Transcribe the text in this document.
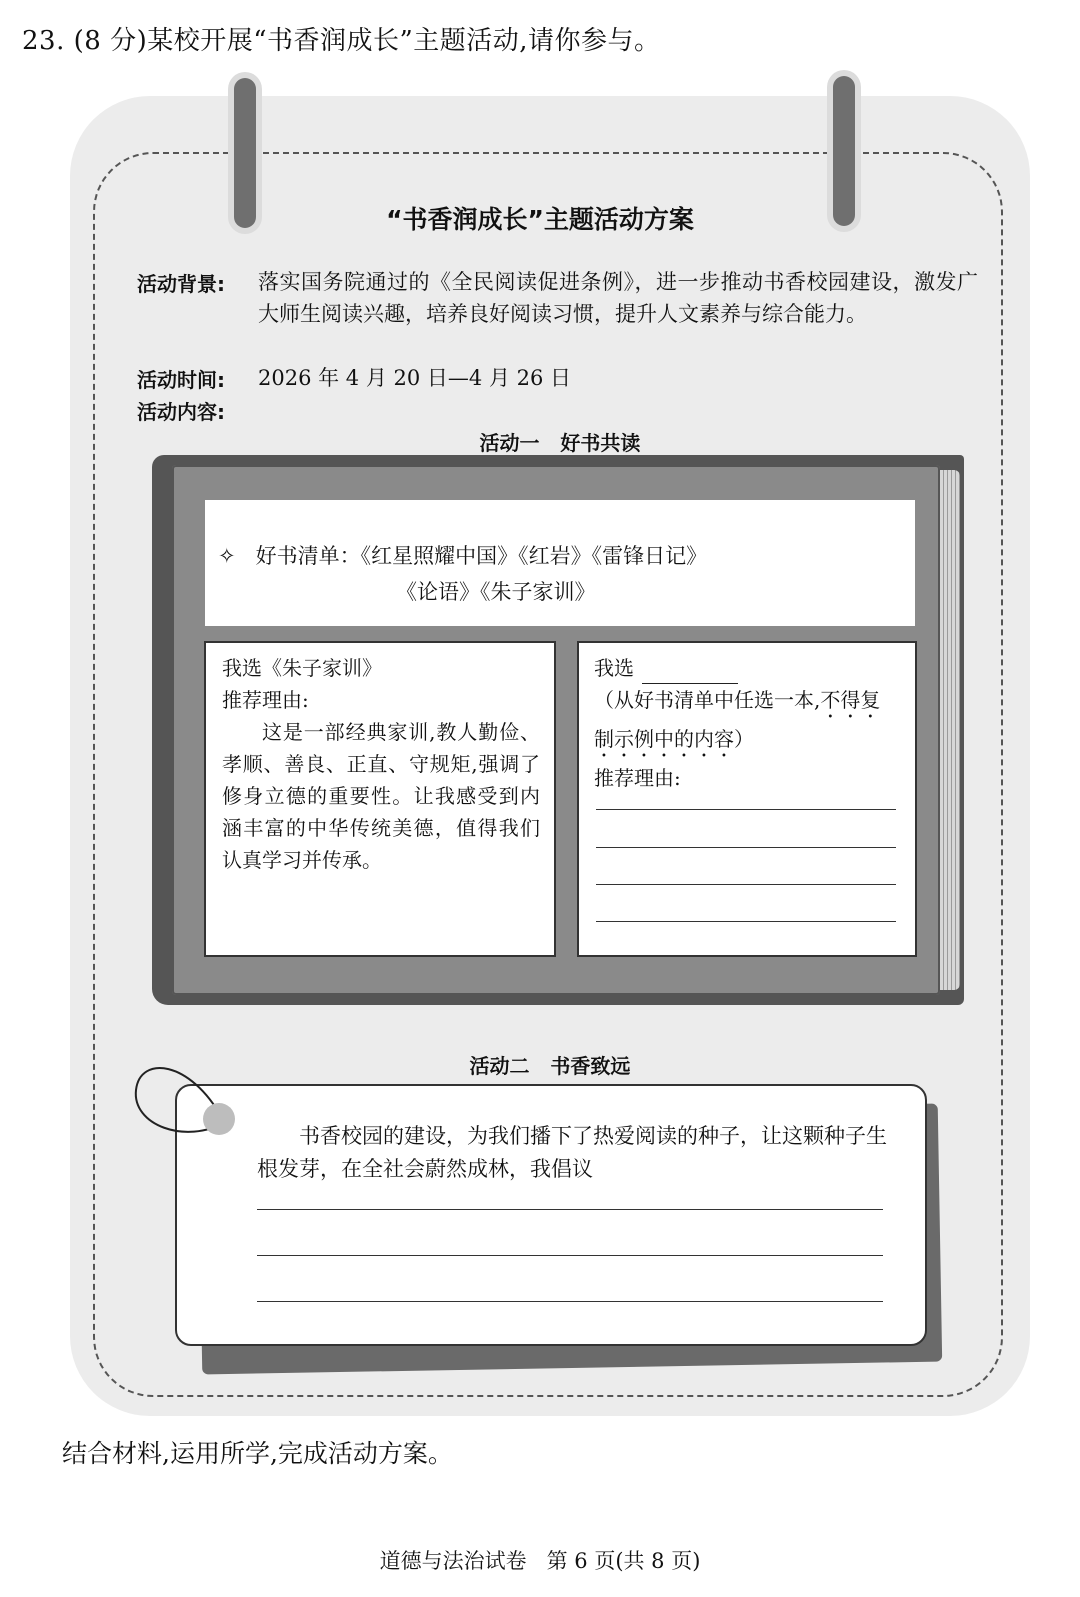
23. (8 分)某校开展“书香润成长”主题活动,请你参与。
“书香润成长”主题活动方案
活动背景: 落实国务院通过的《全民阅读促进条例》，进一步推动书香校园建设，激发广大师生阅读兴趣，培养良好阅读习惯，提升人文素养与综合能力。
活动时间: 2026 年 4 月 20 日—4 月 26 日
活动内容:
活动一   好书共读
✧   好书清单：《红星照耀中国》《红岩》《雷锋日记》
《论语》《朱子家训》
我选《朱子家训》
推荐理由:
这是一部经典家训,教人勤俭、孝顺、善良、正直、守规矩,强调了修身立德的重要性。让我感受到内涵丰富的中华传统美德，值得我们认真学习并传承。
我选
（从好书清单中任选一本,不得复制示例中的内容）
推荐理由:
活动二   书香致远
书香校园的建设，为我们播下了热爱阅读的种子，让这颗种子生根发芽，在全社会蔚然成林，我倡议
结合材料,运用所学,完成活动方案。
道德与法治试卷   第 6 页(共 8 页)
